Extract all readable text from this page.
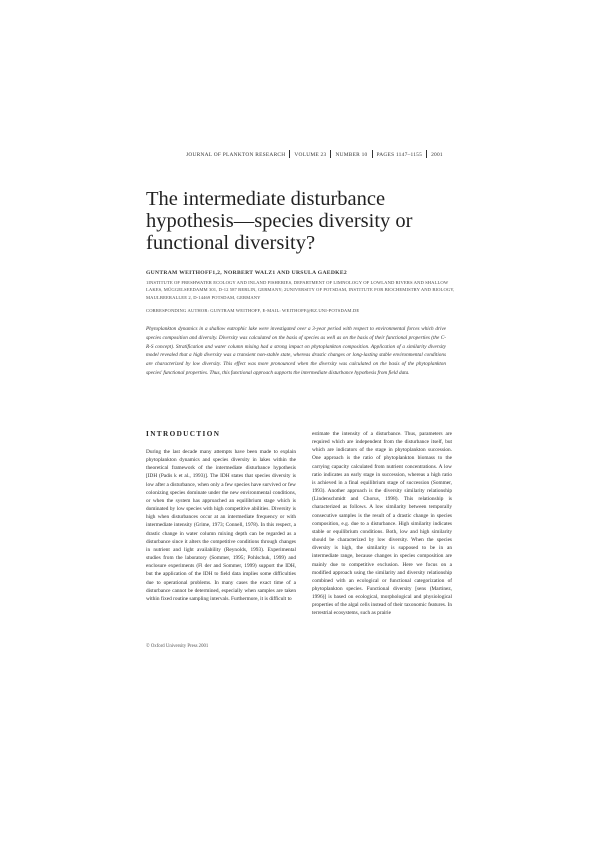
JOURNAL OF PLANKTON RESEARCH VOLUME 23 NUMBER 10 PAGES 1147–1155 2001
The intermediate disturbance hypothesis—species diversity or functional diversity?

GUNTRAM WEITHOFF1,2, NORBERT WALZ1 AND URSULA GAEDKE2

1INSTITUTE OF FRESHWATER ECOLOGY AND INLAND FISHERIES, DEPARTMENT OF LIMNOLOGY OF LOWLAND RIVERS AND SHALLOW LAKES, MÜGGELSEEDAMM 301, D-12 587 BERLIN, GERMANY; 2UNIVERSITY OF POTSDAM, INSTITUTE FOR BIOCHEMISTRY AND BIOLOGY, MAULBEERALLEE 2, D-14469 POTSDAM, GERMANY

CORRESPONDING AUTHOR: GUNTRAM WEITHOFF, E-MAIL: WEITHOFF@RZ.UNI-POTSDAM.DE

Phytoplankton dynamics in a shallow eutrophic lake were investigated over a 3-year period with respect to environmental forces which drive species composition and diversity. Diversity was calculated on the basis of species as well as on the basis of their functional properties (the C-R-S concept). Stratification and water column mixing had a strong impact on phytoplankton composition. Application of a similarity diversity model revealed that a high diversity was a transient non-stable state, whereas drastic changes or long-lasting stable environmental conditions are characterized by low diversity. This effect was more pronounced when the diversity was calculated on the basis of the phytoplankton species' functional properties. Thus, this functional approach supports the intermediate disturbance hypothesis from field data.

INTRODUCTION

During the last decade many attempts have been made to explain phytoplankton dynamics and species diversity in lakes within the theoretical framework of the intermediate disturbance hypothesis [IDH (Padis k et al., 1993)]. The IDH states that species diversity is low after a disturbance, when only a few species have survived or few colonizing species dominate under the new environmental conditions, or when the system has approached an equilibrium stage which is dominated by low species with high competitive abilities. Diversity is high when disturbances occur at an intermediate frequency or with intermediate intensity (Grime, 1973; Connell, 1978). In this respect, a drastic change in water column mixing depth can be regarded as a disturbance since it alters the competitive conditions through changes in nutrient and light availability (Reynolds, 1993). Experimental studies from the laboratory (Sommer, 1995; Pohlschuk, 1999) and enclosure experiments (Fl der and Sommer, 1999) support the IDH, but the application of the IDH to field data implies some difficulties due to operational problems. In many cases the exact time of a disturbance cannot be determined, especially when samples are taken within fixed routine sampling intervals. Furthermore, it is difficult to

estimate the intensity of a disturbance. Thus, parameters are required which are independent from the disturbance itself, but which are indicators of the stage in phytoplankton succession. One approach is the ratio of phytoplankton biomass to the carrying capacity calculated from nutrient concentrations. A low ratio indicates an early stage in succession, whereas a high ratio is achieved in a final equilibrium stage of succession (Sommer, 1993). Another approach is the diversity similarity relationship (Lindenschmidt and Chorus, 1998). This relationship is characterized as follows. A low similarity between temporally consecutive samples is the result of a drastic change in species composition, e.g. due to a disturbance. High similarity indicates stable or equilibrium conditions. Both, low and high similarity should be characterized by low diversity. When the species diversity is high, the similarity is supposed to be in an intermediate range, because changes in species composition are mainly due to competitive exclusion. Here we focus on a modified approach using the similarity and diversity relationship combined with an ecological or functional categorization of phytoplankton species. Functional diversity [sens (Martinez, 1996)] is based on ecological, morphological and physiological properties of the algal cells instead of their taxonomic features. In terrestrial ecosystems, such as prairie

© Oxford University Press 2001
